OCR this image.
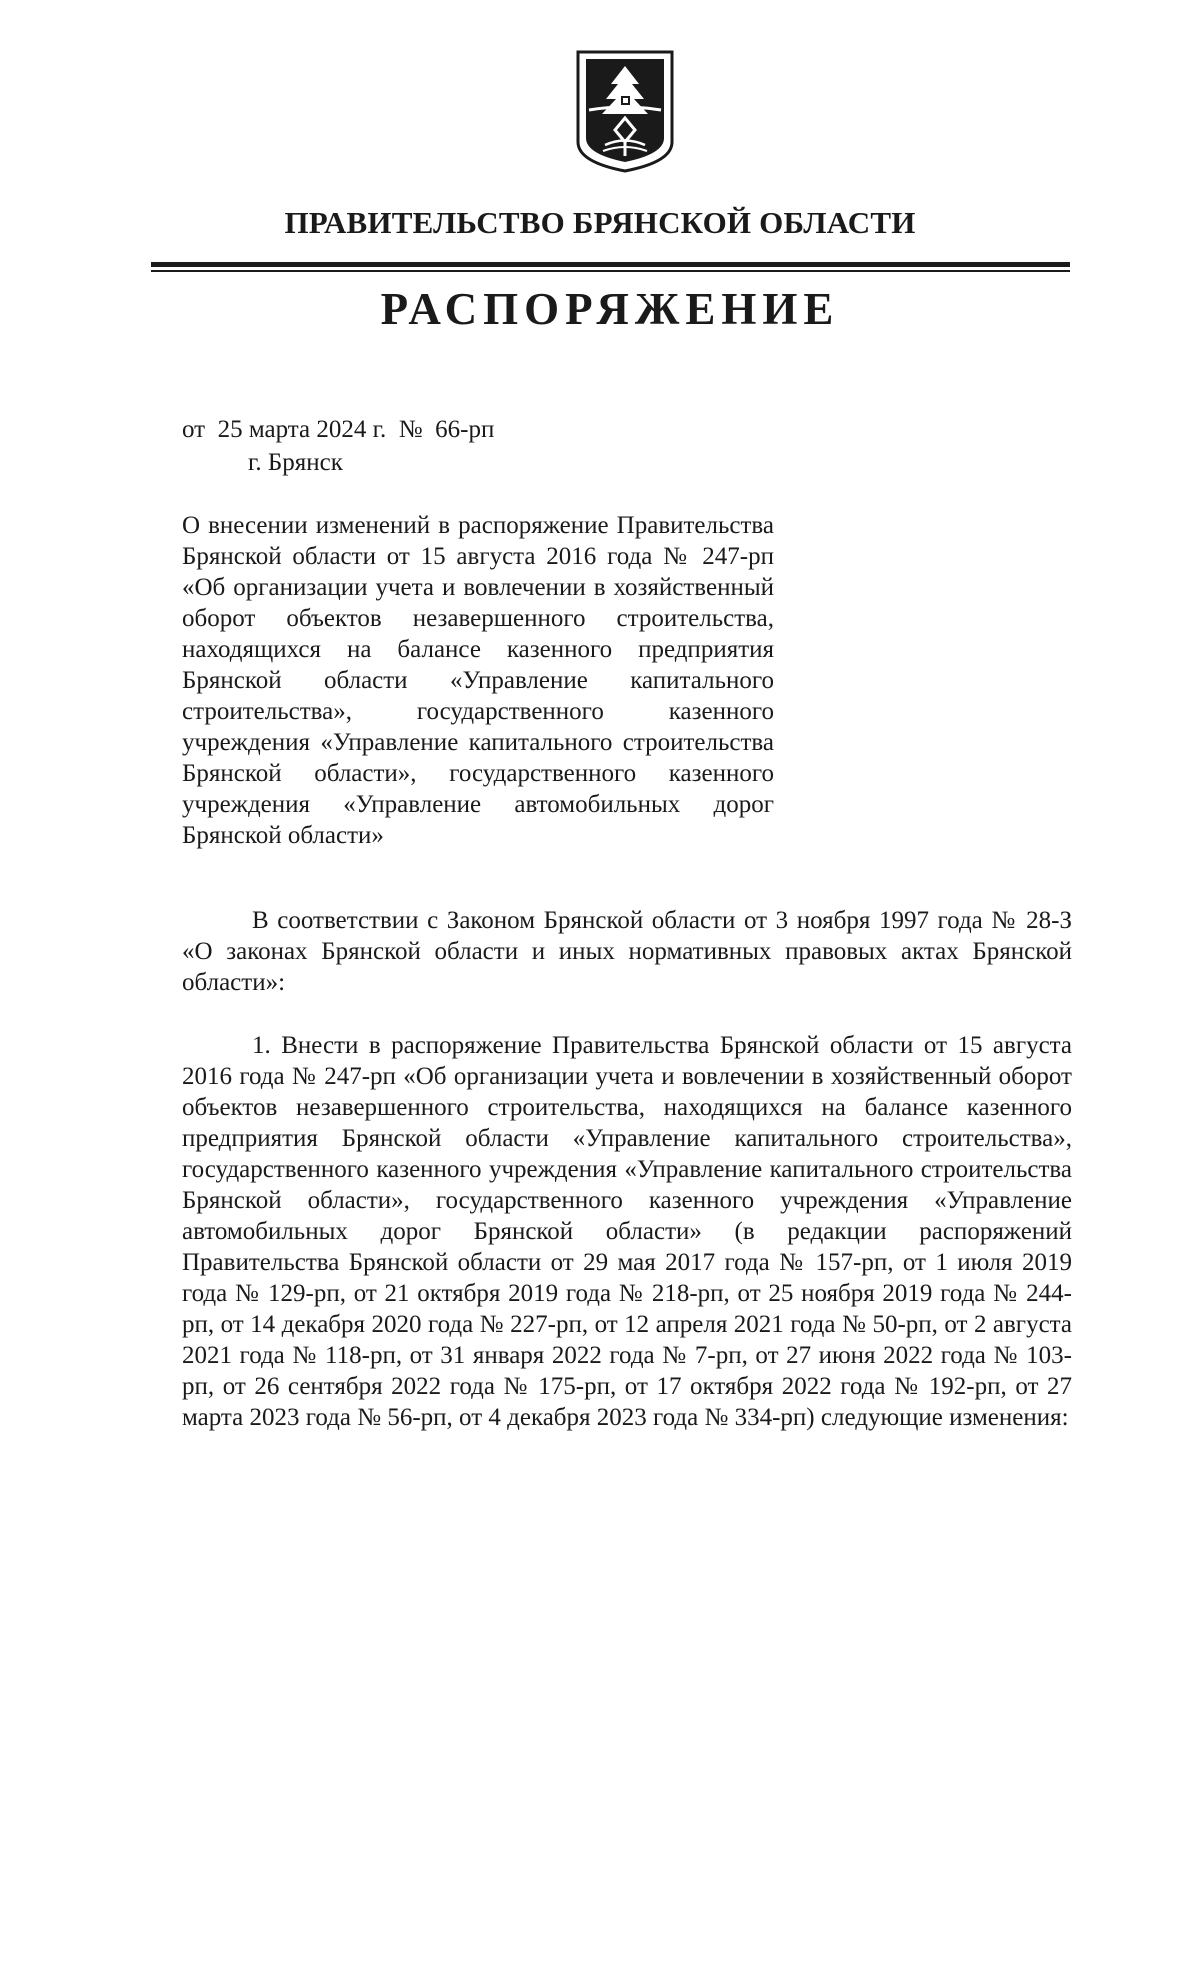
ПРАВИТЕЛЬСТВО БРЯНСКОЙ ОБЛАСТИ
РАСПОРЯЖЕНИЕ
от  25 марта 2024 г.  №  66-рп
г. Брянск
О внесении изменений в распоряжение Правительства Брянской области от 15 августа 2016 года № 247-рп «Об организации учета и вовлечении в хозяйственный оборот объектов незавершенного строительства, находящихся на балансе казенного предприятия Брянской области «Управление капитального строительства», государственного казенного учреждения «Управление капитального строительства Брянской области», государственного казенного учреждения «Управление автомобильных дорог Брянской области»
В соответствии с Законом Брянской области от 3 ноября 1997 года № 28-З «О законах Брянской области и иных нормативных правовых актах Брянской области»:
1. Внести в распоряжение Правительства Брянской области от 15 августа 2016 года № 247-рп «Об организации учета и вовлечении в хозяйственный оборот объектов незавершенного строительства, находящихся на балансе казенного предприятия Брянской области «Управление капитального строительства», государственного казенного учреждения «Управление капитального строительства Брянской области», государственного казенного учреждения «Управление автомобильных дорог Брянской области» (в редакции распоряжений Правительства Брянской области от 29 мая 2017 года № 157-рп, от 1 июля 2019 года № 129-рп, от 21 октября 2019 года № 218-рп, от 25 ноября 2019 года № 244-рп, от 14 декабря 2020 года № 227-рп, от 12 апреля 2021 года № 50-рп, от 2 августа 2021 года № 118-рп, от 31 января 2022 года № 7-рп, от 27 июня 2022 года № 103-рп, от 26 сентября 2022 года № 175-рп, от 17 октября 2022 года № 192-рп, от 27 марта 2023 года № 56-рп, от 4 декабря 2023 года № 334-рп) следующие изменения:
